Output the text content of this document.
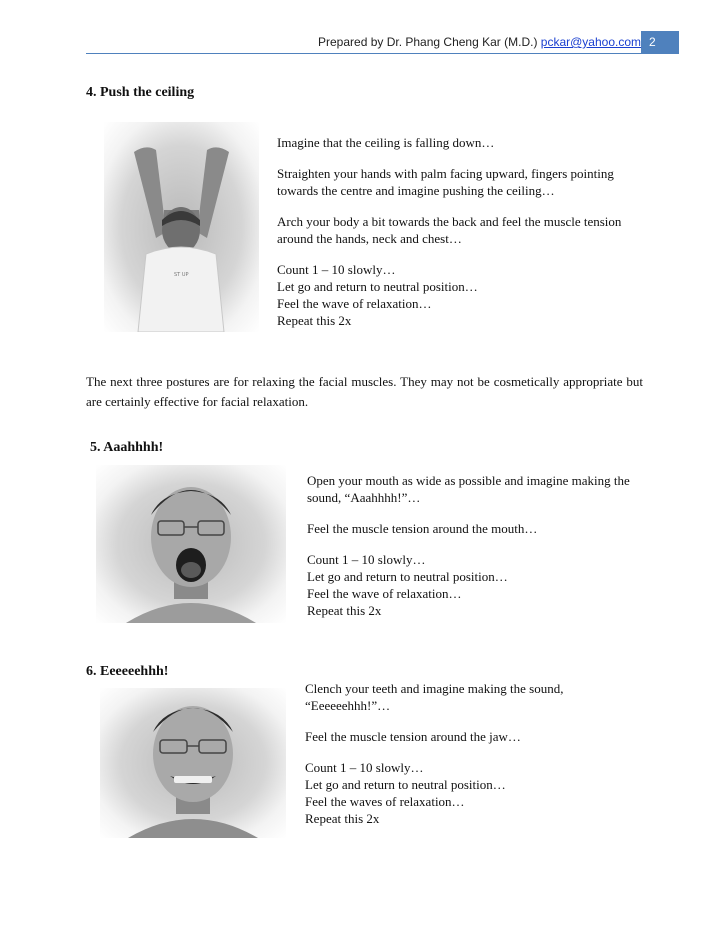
Prepared by Dr. Phang Cheng Kar (M.D.) pckar@yahoo.com 2
4. Push the ceiling
ST UP

Imagine that the ceiling is falling down…

Straighten your hands with palm facing upward, fingers pointing towards the centre and imagine pushing the ceiling…

Arch your body a bit towards the back and feel the muscle tension around the hands, neck and chest…

Count 1 – 10 slowly…
Let go and return to neutral position…
Feel the wave of relaxation…
Repeat this 2x

The next three postures are for relaxing the facial muscles. They may not be cosmetically appropriate but are certainly effective for facial relaxation.
5. Aaahhhh!

Open your mouth as wide as possible and imagine making the sound, “Aaahhhh!”…

Feel the muscle tension around the mouth…

Count 1 – 10 slowly…
Let go and return to neutral position…
Feel the wave of relaxation…
Repeat this 2x

6. Eeeeeehhh!

Clench your teeth and imagine making the sound, “Eeeeeehhh!”…

Feel the muscle tension around the jaw…

Count 1 – 10 slowly…
Let go and return to neutral position…
Feel the waves of relaxation…
Repeat this 2x
